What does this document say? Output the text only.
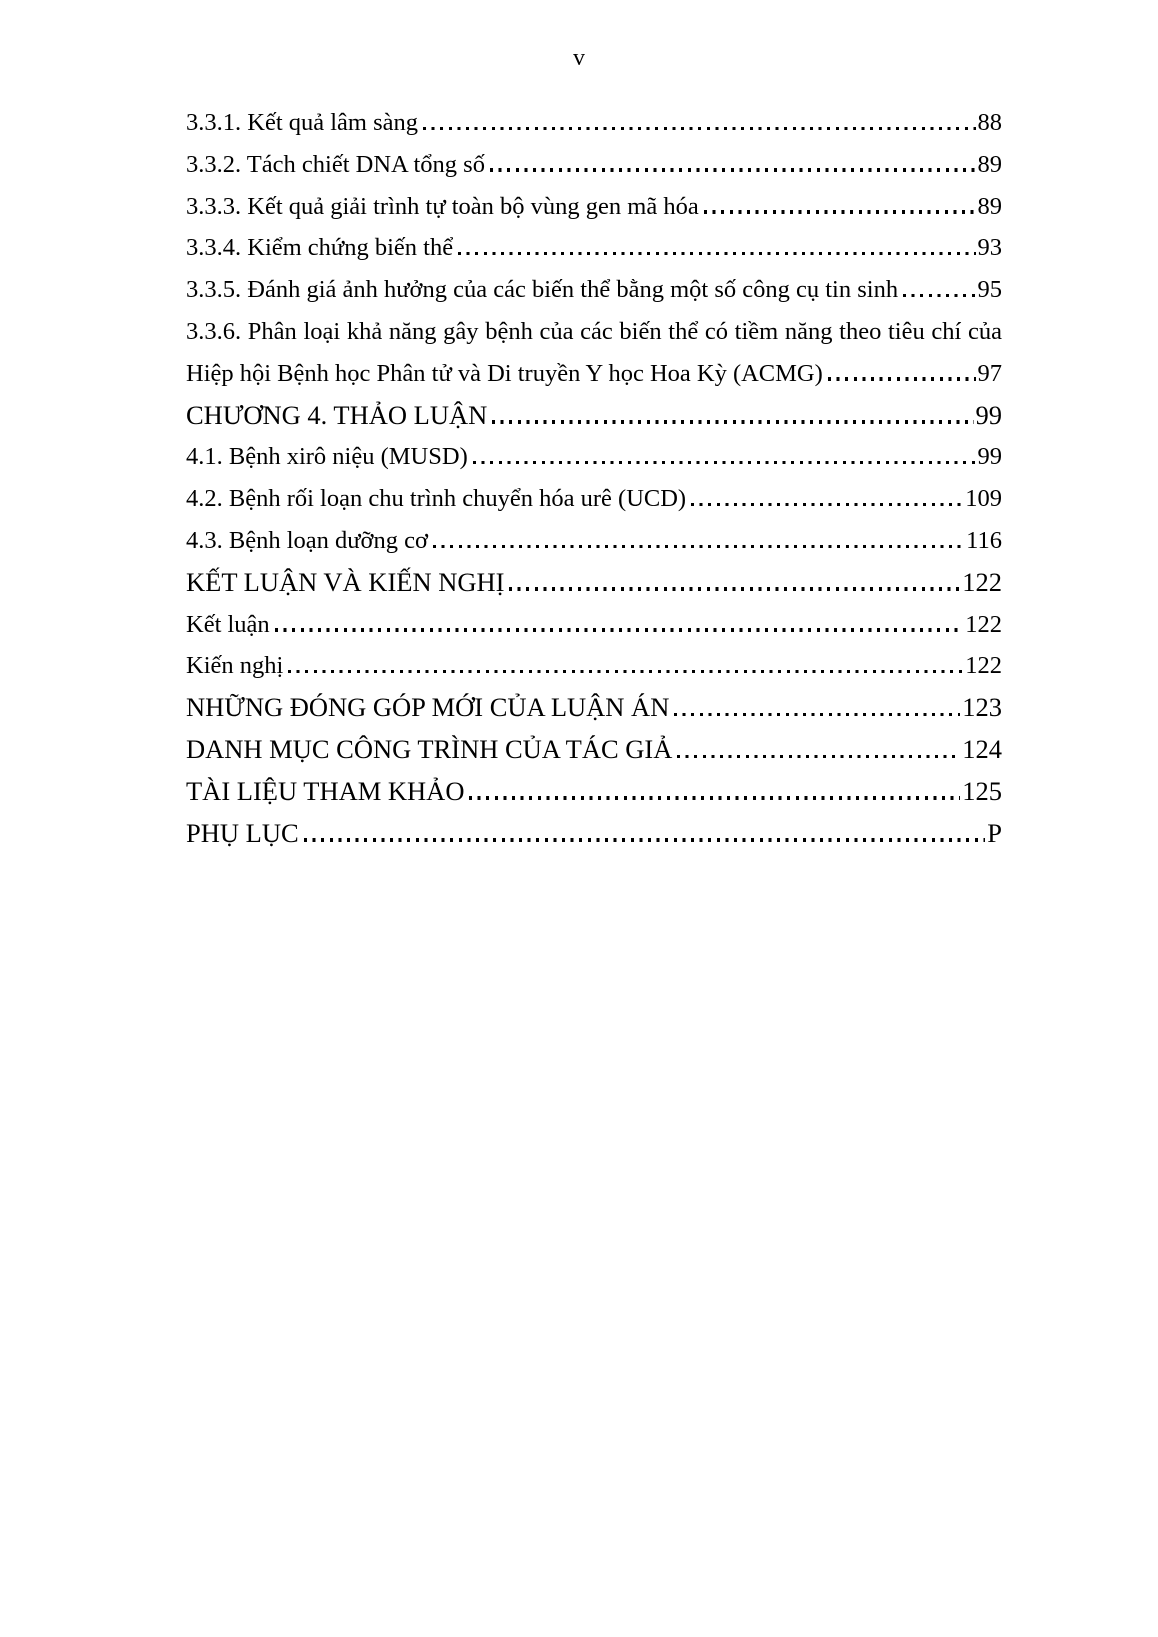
v
3.3.1. Kết quả lâm sàng	88
3.3.2. Tách chiết DNA tổng số	89
3.3.3. Kết quả giải trình tự toàn bộ vùng gen mã hóa	89
3.3.4. Kiểm chứng biến thể	93
3.3.5. Đánh giá ảnh hưởng của các biến thể bằng một số công cụ tin sinh	95
3.3.6. Phân loại khả năng gây bệnh của các biến thể có tiềm năng theo tiêu chí của
Hiệp hội Bệnh học Phân tử và Di truyền Y học Hoa Kỳ (ACMG)	97
CHƯƠNG 4. THẢO LUẬN	99
4.1. Bệnh xirô niệu (MUSD)	99
4.2. Bệnh rối loạn chu trình chuyển hóa urê (UCD)	109
4.3. Bệnh loạn dưỡng cơ	116
KẾT LUẬN VÀ KIẾN NGHỊ	122
Kết luận	122
Kiến nghị	122
NHỮNG ĐÓNG GÓP MỚI CỦA LUẬN ÁN	123
DANH MỤC CÔNG TRÌNH CỦA TÁC GIẢ	124
TÀI LIỆU THAM KHẢO	125
PHỤ LỤC	P
